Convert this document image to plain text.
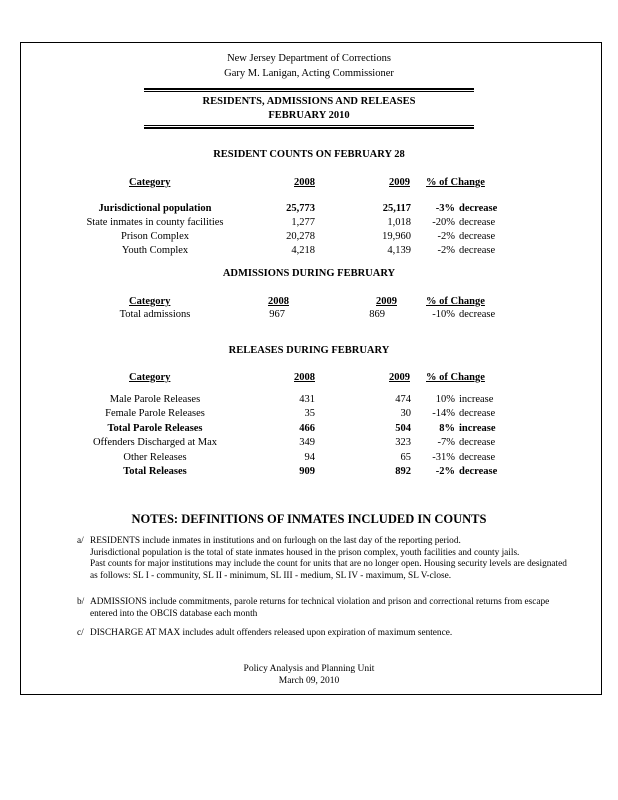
New Jersey Department of Corrections
Gary M. Lanigan, Acting Commissioner
RESIDENTS, ADMISSIONS AND RELEASES
FEBRUARY 2010
RESIDENT COUNTS ON FEBRUARY 28
Category	2008	2009 % of Change
Jurisdictional population	25,773	25,117	-3% decrease
State inmates in county facilities	1,277	1,018	-20% decrease
Prison Complex	20,278	19,960	-2% decrease
Youth Complex	4,218	4,139	-2% decrease
ADMISSIONS DURING FEBRUARY
Category	2008	2009	% of Change
Total admissions	967	869	-10% decrease
RELEASES DURING FEBRUARY
Category	2008	2009 % of Change
Male Parole Releases	431	474	10% increase
Female Parole Releases	35	30	-14% decrease
Total Parole Releases	466	504	8% increase
Offenders Discharged at Max	349	323	-7% decrease
Other Releases	94	65	-31% decrease
Total Releases	909	892	-2% decrease
NOTES: DEFINITIONS OF INMATES INCLUDED IN COUNTS
a/ RESIDENTS include inmates in institutions and on furlough on the last day of the reporting period.
Jurisdictional population is the total of state inmates housed in the prison complex, youth facilities and county jails.
Past counts for major institutions may include the count for units that are no longer open. Housing security levels are designated
as follows: SL I - community, SL II - minimum, SL III - medium, SL IV - maximum, SL V-close.
b/ ADMISSIONS include commitments, parole returns for technical violation and prison and correctional returns from escape
entered into the OBCIS database each month
c/ DISCHARGE AT MAX includes adult offenders released upon expiration of maximum sentence.
Policy Analysis and Planning Unit
March 09, 2010
